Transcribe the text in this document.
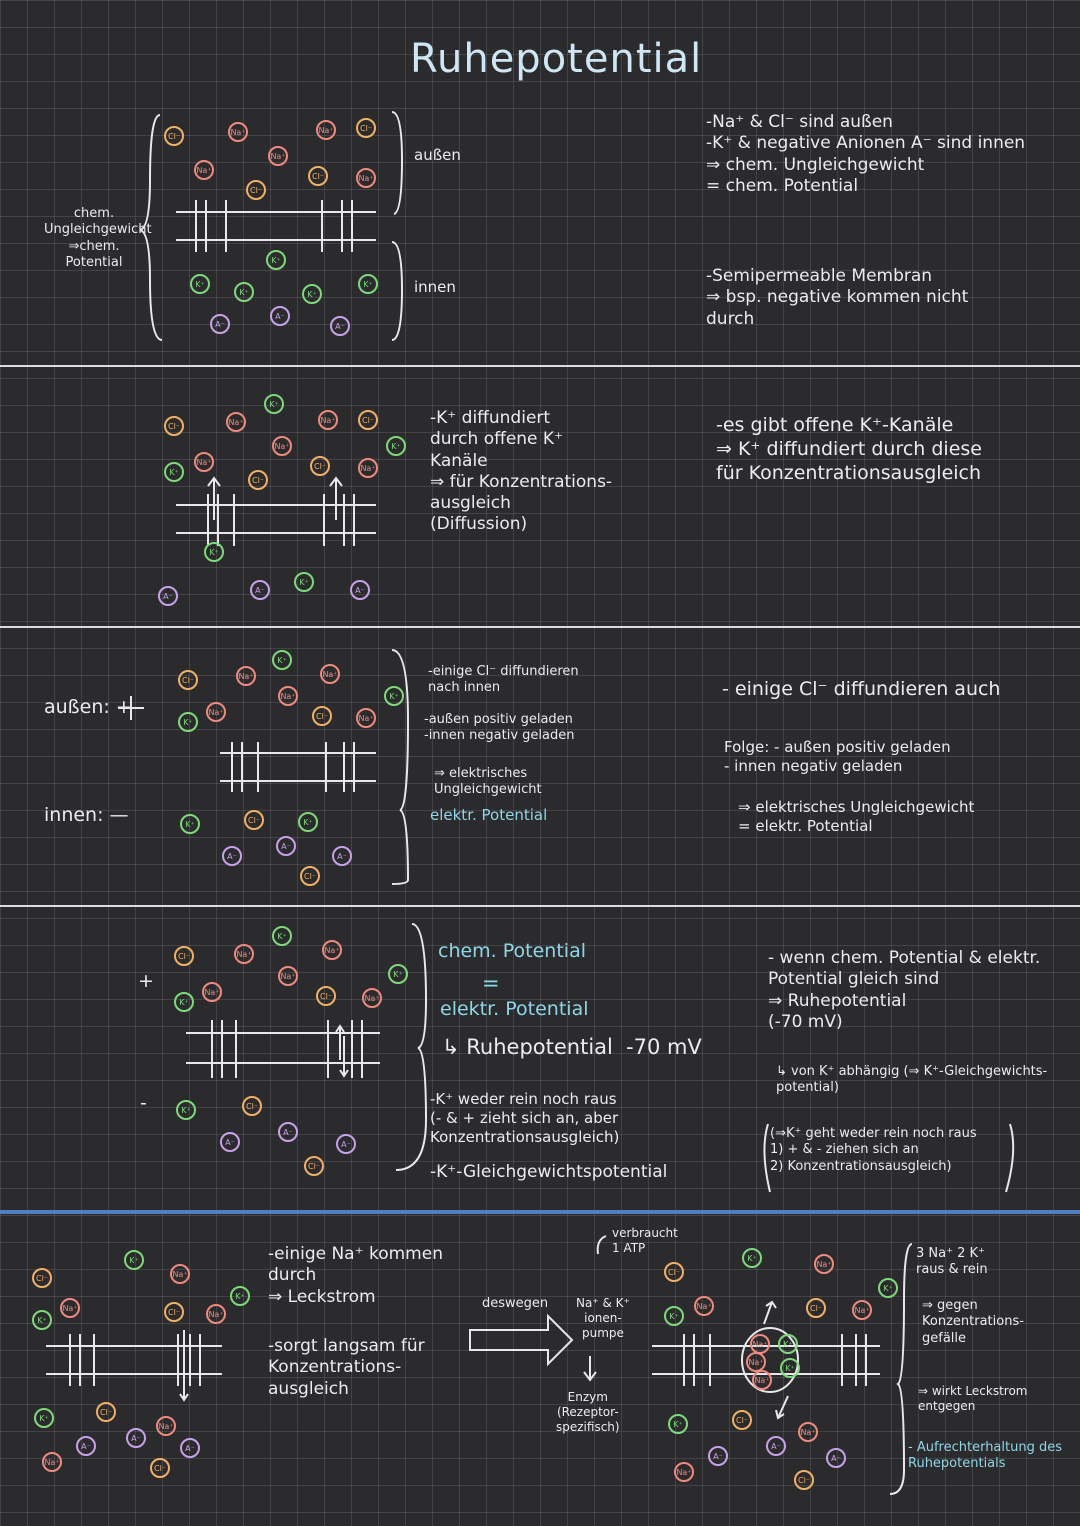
Ruhepotential
chem.
Ungleichgewicht
⇒chem. Potential
außen
innen
-Na⁺ & Cl⁻ sind außen
-K⁺ & negative Anionen A⁻ sind innen
⇒ chem. Ungleichgewicht
= chem. Potential
-Semipermeable Membran
⇒ bsp. negative kommen nicht
durch
-K⁺ diffundiert
durch offene K⁺
Kanäle
⇒ für Konzentrations-
ausgleich
(Diffussion)
-es gibt offene K⁺-Kanäle
⇒ K⁺ diffundiert durch diese
für Konzentrationsausgleich
außen: +
innen: —
-einige Cl⁻ diffundieren
nach innen
-außen positiv geladen
-innen negativ geladen
⇒ elektrisches
Ungleichgewicht
elektr. Potential
- einige Cl⁻ diffundieren auch
Folge: - außen positiv geladen
- innen negativ geladen
⇒ elektrisches Ungleichgewicht
= elektr. Potential
+
-
chem. Potential
=
elektr. Potential
↳ Ruhepotential -70 mV
-K⁺ weder rein noch raus
(- & + zieht sich an, aber
Konzentrationsausgleich)
-K⁺-Gleichgewichtspotential
- wenn chem. Potential & elektr.
Potential gleich sind
⇒ Ruhepotential
(-70 mV)
↳ von K⁺ abhängig (⇒ K⁺-Gleichgewichts-
potential)
(⇒K⁺ geht weder rein noch raus
1) + & - ziehen sich an
2) Konzentrationsausgleich)
-einige Na⁺ kommen
durch
⇒ Leckstrom
-sorgt langsam für
Konzentrations-
ausgleich
deswegen Na⁺ & K⁺
ionen-
pumpe
verbraucht
1 ATP
Enzym
(Rezeptor-
spezifisch)
3 Na⁺ 2 K⁺
raus & rein
⇒ gegen
Konzentrations-
gefälle
⇒ wirkt Leckstrom
entgegen
- Aufrechterhaltung des
Ruhepotentials
Cl⁻	Na⁺	Na⁺	Cl⁻
Na⁺
Na⁺
Cl⁻	Na⁺
Cl⁻
K⁺
K⁺
K⁺	K⁺
K⁺
A⁻
A⁻
A⁻
K⁺
Cl⁻	Na⁺	Na⁺	Cl⁻
K⁺
Na⁺
Na⁺	Cl⁻	Na⁺
K⁺
Cl⁻
K⁺
K⁺
A⁻
A⁻	A⁻
K⁺
Cl⁻	Na⁺	Na⁺
Na⁺	K⁺
K⁺
Na⁺	Cl⁻	Na⁺
K⁺	Cl⁻	K⁺
A⁻
A⁻
A⁻
Cl⁻
K⁺
Cl⁻	Na⁺	Na⁺
Na⁺	K⁺
Na⁺	Cl⁻	Na⁺
K⁺
K⁺	Cl⁻
A⁻
A⁻
A⁻
Cl⁻
K⁺
Na⁺
Cl⁻
K⁺
Na⁺
K⁺
Cl⁻	Na⁺
K⁺
Cl⁻
Na⁺
A⁻
A⁻
A⁻
Na⁺
Cl⁻
Cl⁻
K⁺
Na⁺
K⁺
Na⁺
K⁺
Cl⁻	Na⁺
Na⁺
Na⁺
Na⁺
K⁺
K⁺
K⁺	Cl⁻
Na⁺
A⁻
A⁻
A⁻
Na⁺
Cl⁻
